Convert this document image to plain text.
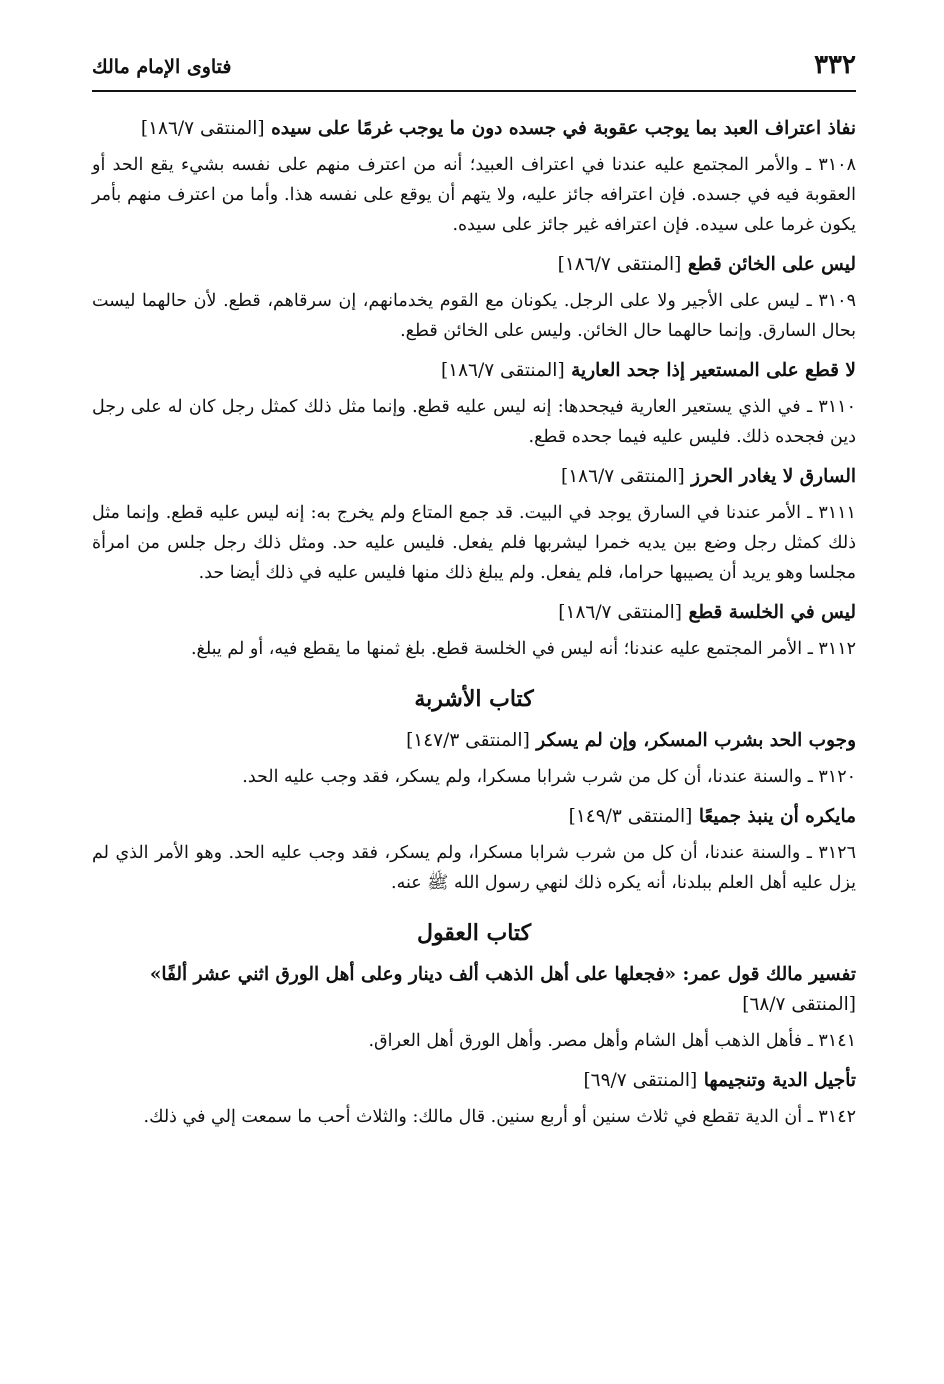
٣٣٢
فتاوى الإمام مالك
نفاذ اعتراف العبد بما يوجب عقوبة في جسده دون ما يوجب غرمًا على سيده [المنتقى ١٨٦/٧]

٣١٠٨ ـ والأمر المجتمع عليه عندنا في اعتراف العبيد؛ أنه من اعترف منهم على نفسه بشيء يقع الحد أو العقوبة فيه في جسده. فإن اعترافه جائز عليه، ولا يتهم أن يوقع على نفسه هذا. وأما من اعترف منهم بأمر يكون غرما على سيده. فإن اعترافه غير جائز على سيده.

ليس على الخائن قطع [المنتقى ١٨٦/٧]

٣١٠٩ ـ ليس على الأجير ولا على الرجل. يكونان مع القوم يخدمانهم، إن سرقاهم، قطع. لأن حالهما ليست بحال السارق. وإنما حالهما حال الخائن. وليس على الخائن قطع.

لا قطع على المستعير إذا جحد العارية [المنتقى ١٨٦/٧]

٣١١٠ ـ في الذي يستعير العارية فيجحدها: إنه ليس عليه قطع. وإنما مثل ذلك كمثل رجل كان له على رجل دين فجحده ذلك. فليس عليه فيما جحده قطع.

السارق لا يغادر الحرز [المنتقى ١٨٦/٧]

٣١١١ ـ الأمر عندنا في السارق يوجد في البيت. قد جمع المتاع ولم يخرج به: إنه ليس عليه قطع. وإنما مثل ذلك كمثل رجل وضع بين يديه خمرا ليشربها فلم يفعل. فليس عليه حد. ومثل ذلك رجل جلس من امرأة مجلسا وهو يريد أن يصيبها حراما، فلم يفعل. ولم يبلغ ذلك منها فليس عليه في ذلك أيضا حد.

ليس في الخلسة قطع [المنتقى ١٨٦/٧]

٣١١٢ ـ الأمر المجتمع عليه عندنا؛ أنه ليس في الخلسة قطع. بلغ ثمنها ما يقطع فيه، أو لم يبلغ.

كتاب الأشربة
وجوب الحد بشرب المسكر، وإن لم يسكر [المنتقى ١٤٧/٣]

٣١٢٠ ـ والسنة عندنا، أن كل من شرب شرابا مسكرا، ولم يسكر، فقد وجب عليه الحد.

مايكره أن ينبذ جميعًا [المنتقى ١٤٩/٣]

٣١٢٦ ـ والسنة عندنا، أن كل من شرب شرابا مسكرا، ولم يسكر، فقد وجب عليه الحد. وهو الأمر الذي لم يزل عليه أهل العلم ببلدنا، أنه يكره ذلك لنهي رسول الله ﷺ عنه.

كتاب العقول
تفسير مالك قول عمر: «فجعلها على أهل الذهب ألف دينار وعلى أهل الورق اثني عشر ألفًا» [المنتقى ٦٨/٧]

٣١٤١ ـ فأهل الذهب أهل الشام وأهل مصر. وأهل الورق أهل العراق.

تأجيل الدية وتنجيمها [المنتقى ٦٩/٧]

٣١٤٢ ـ أن الدية تقطع في ثلاث سنين أو أربع سنين. قال مالك: والثلاث أحب ما سمعت إلي في ذلك.
